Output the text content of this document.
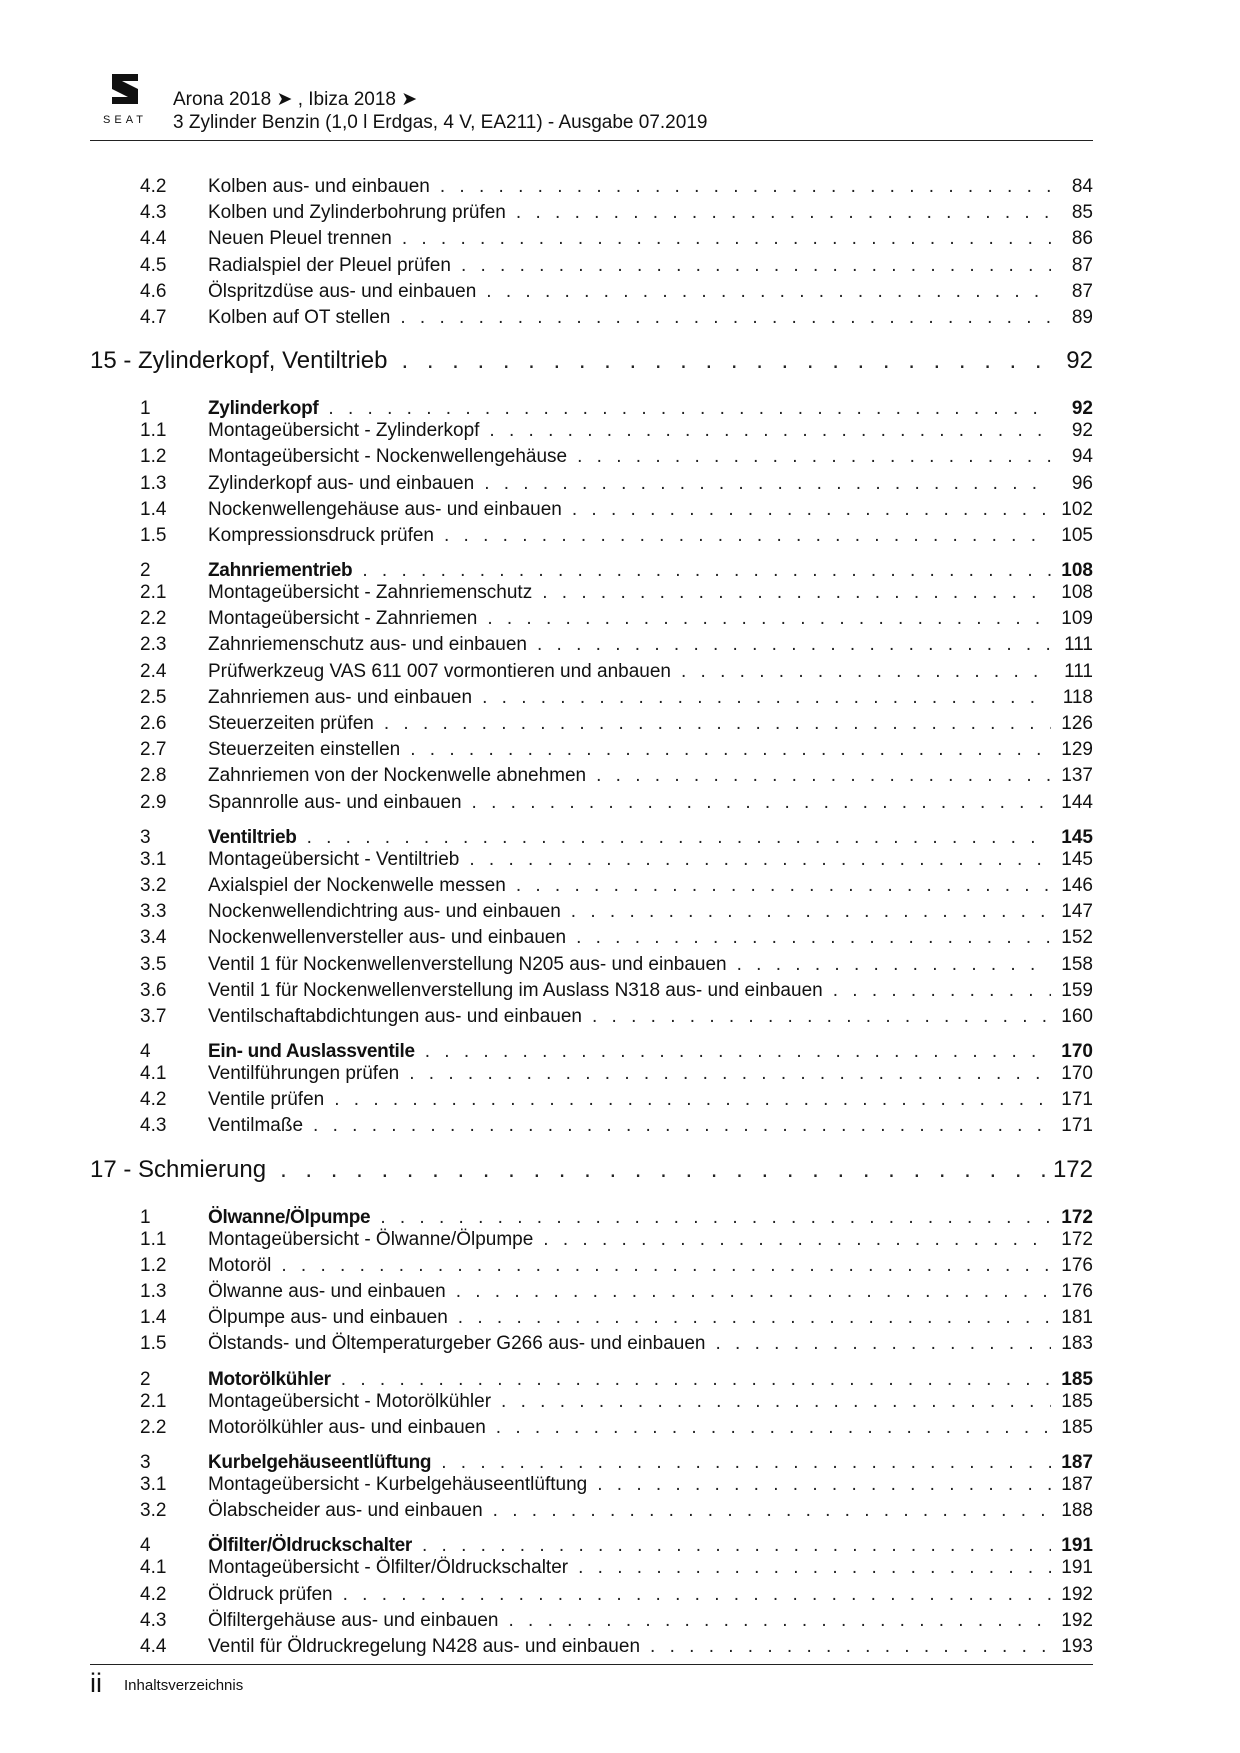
SEAT
Arona 2018 ➤ , Ibiza 2018 ➤
3 Zylinder Benzin (1,0 l Erdgas, 4 V, EA211) - Ausgabe 07.2019
4.2	Kolben aus- und einbauen . . .	84
4.3	Kolben und Zylinderbohrung prüfen . . .	85
4.4	Neuen Pleuel trennen . . .	86
4.5	Radialspiel der Pleuel prüfen . . .	87
4.6	Ölspritzdüse aus- und einbauen . . .	87
4.7	Kolben auf OT stellen . . .	89
15 - Zylinderkopf, Ventiltrieb . . .	92
1	Zylinderkopf . . .	92
1.1	Montageübersicht - Zylinderkopf . . .	92
1.2	Montageübersicht - Nockenwellengehäuse . . .	94
1.3	Zylinderkopf aus- und einbauen . . .	96
1.4	Nockenwellengehäuse aus- und einbauen . . .	102
1.5	Kompressionsdruck prüfen . . .	105
2	Zahnriementrieb . . .	108
2.1	Montageübersicht - Zahnriemenschutz . . .	108
2.2	Montageübersicht - Zahnriemen . . .	109
2.3	Zahnriemenschutz aus- und einbauen . . .	111
2.4	Prüfwerkzeug VAS 611 007 vormontieren und anbauen . . .	111
2.5	Zahnriemen aus- und einbauen . . .	118
2.6	Steuerzeiten prüfen . . .	126
2.7	Steuerzeiten einstellen . . .	129
2.8	Zahnriemen von der Nockenwelle abnehmen . . .	137
2.9	Spannrolle aus- und einbauen . . .	144
3	Ventiltrieb . . .	145
3.1	Montageübersicht - Ventiltrieb . . .	145
3.2	Axialspiel der Nockenwelle messen . . .	146
3.3	Nockenwellendichtring aus- und einbauen . . .	147
3.4	Nockenwellenversteller aus- und einbauen . . .	152
3.5	Ventil 1 für Nockenwellenverstellung N205 aus- und einbauen . . .	158
3.6	Ventil 1 für Nockenwellenverstellung im Auslass N318 aus- und einbauen . . .	159
3.7	Ventilschaftabdichtungen aus- und einbauen . . .	160
4	Ein- und Auslassventile . . .	170
4.1	Ventilführungen prüfen . . .	170
4.2	Ventile prüfen . . .	171
4.3	Ventilmaße . . .	171
17 - Schmierung . . .	172
1	Ölwanne/Ölpumpe . . .	172
1.1	Montageübersicht - Ölwanne/Ölpumpe . . .	172
1.2	Motoröl . . .	176
1.3	Ölwanne aus- und einbauen . . .	176
1.4	Ölpumpe aus- und einbauen . . .	181
1.5	Ölstands- und Öltemperaturgeber G266 aus- und einbauen . . .	183
2	Motorölkühler . . .	185
2.1	Montageübersicht - Motorölkühler . . .	185
2.2	Motorölkühler aus- und einbauen . . .	185
3	Kurbelgehäuseentlüftung . . .	187
3.1	Montageübersicht - Kurbelgehäuseentlüftung . . .	187
3.2	Ölabscheider aus- und einbauen . . .	188
4	Ölfilter/Öldruckschalter . . .	191
4.1	Montageübersicht - Ölfilter/Öldruckschalter . . .	191
4.2	Öldruck prüfen . . .	192
4.3	Ölfiltergehäuse aus- und einbauen . . .	192
4.4	Ventil für Öldruckregelung N428 aus- und einbauen . . .	193
ii Inhaltsverzeichnis
